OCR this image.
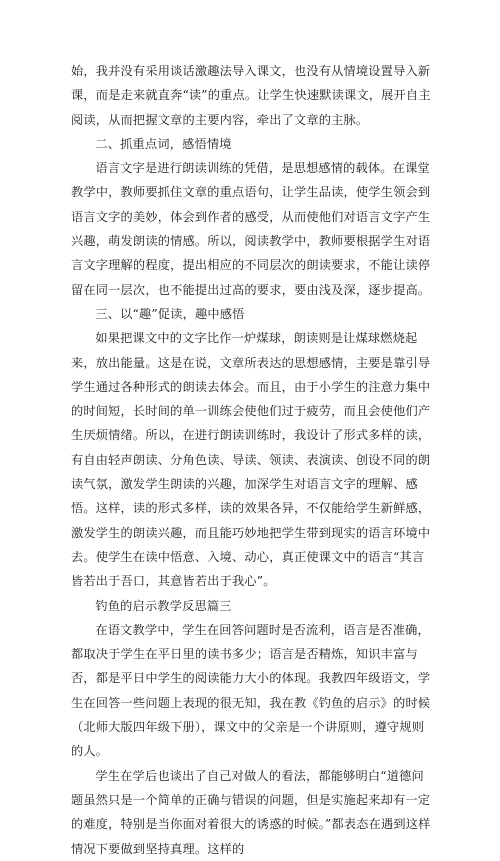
始，我并没有采用谈话激趣法导入课文，也没有从情境设置导入新课，而是走来就直奔“读”的重点。让学生快速默读课文，展开自主阅读，从而把握文章的主要内容，牵出了文章的主脉。

二、抓重点词，感悟情境

语言文字是进行朗读训练的凭借，是思想感情的载体。在课堂教学中，教师要抓住文章的重点语句，让学生品读，使学生领会到语言文字的美妙，体会到作者的感受，从而使他们对语言文字产生兴趣，萌发朗读的情感。所以，阅读教学中，教师要根据学生对语言文字理解的程度，提出相应的不同层次的朗读要求，不能让读停留在同一层次，也不能提出过高的要求，要由浅及深，逐步提高。

三、以“趣”促读，趣中感悟

如果把课文中的文字比作一炉煤球，朗读则是让煤球燃烧起来，放出能量。这是在说，文章所表达的思想感情，主要是靠引导学生通过各种形式的朗读去体会。而且，由于小学生的注意力集中的时间短，长时间的单一训练会使他们过于疲劳，而且会使他们产生厌烦情绪。所以，在进行朗读训练时，我设计了形式多样的读，有自由轻声朗读、分角色读、导读、领读、表演读、创设不同的朗读气氛，激发学生朗读的兴趣，加深学生对语言文字的理解、感悟。这样，读的形式多样，读的效果各异，不仅能给学生新鲜感，激发学生的朗读兴趣，而且能巧妙地把学生带到现实的语言环境中去。使学生在读中悟意、入境、动心，真正使课文中的语言“其言皆若出于吾口，其意皆若出于我心”。

钓鱼的启示教学反思篇三

在语文教学中，学生在回答问题时是否流利，语言是否准确，都取决于学生在平日里的读书多少；语言是否精炼，知识丰富与否，都是平日中学生的阅读能力大小的体现。我教四年级语文，学生在回答一些问题上表现的很无知，我在教《钓鱼的启示》的时候（北师大版四年级下册），课文中的父亲是一个讲原则，遵守规则的人。

学生在学后也谈出了自己对做人的看法，都能够明白“道德问题虽然只是一个简单的正确与错误的问题，但是实施起来却有一定的难度，特别是当你面对着很大的诱惑的时候。”都表态在遇到这样情况下要做到坚持真理。这样的
